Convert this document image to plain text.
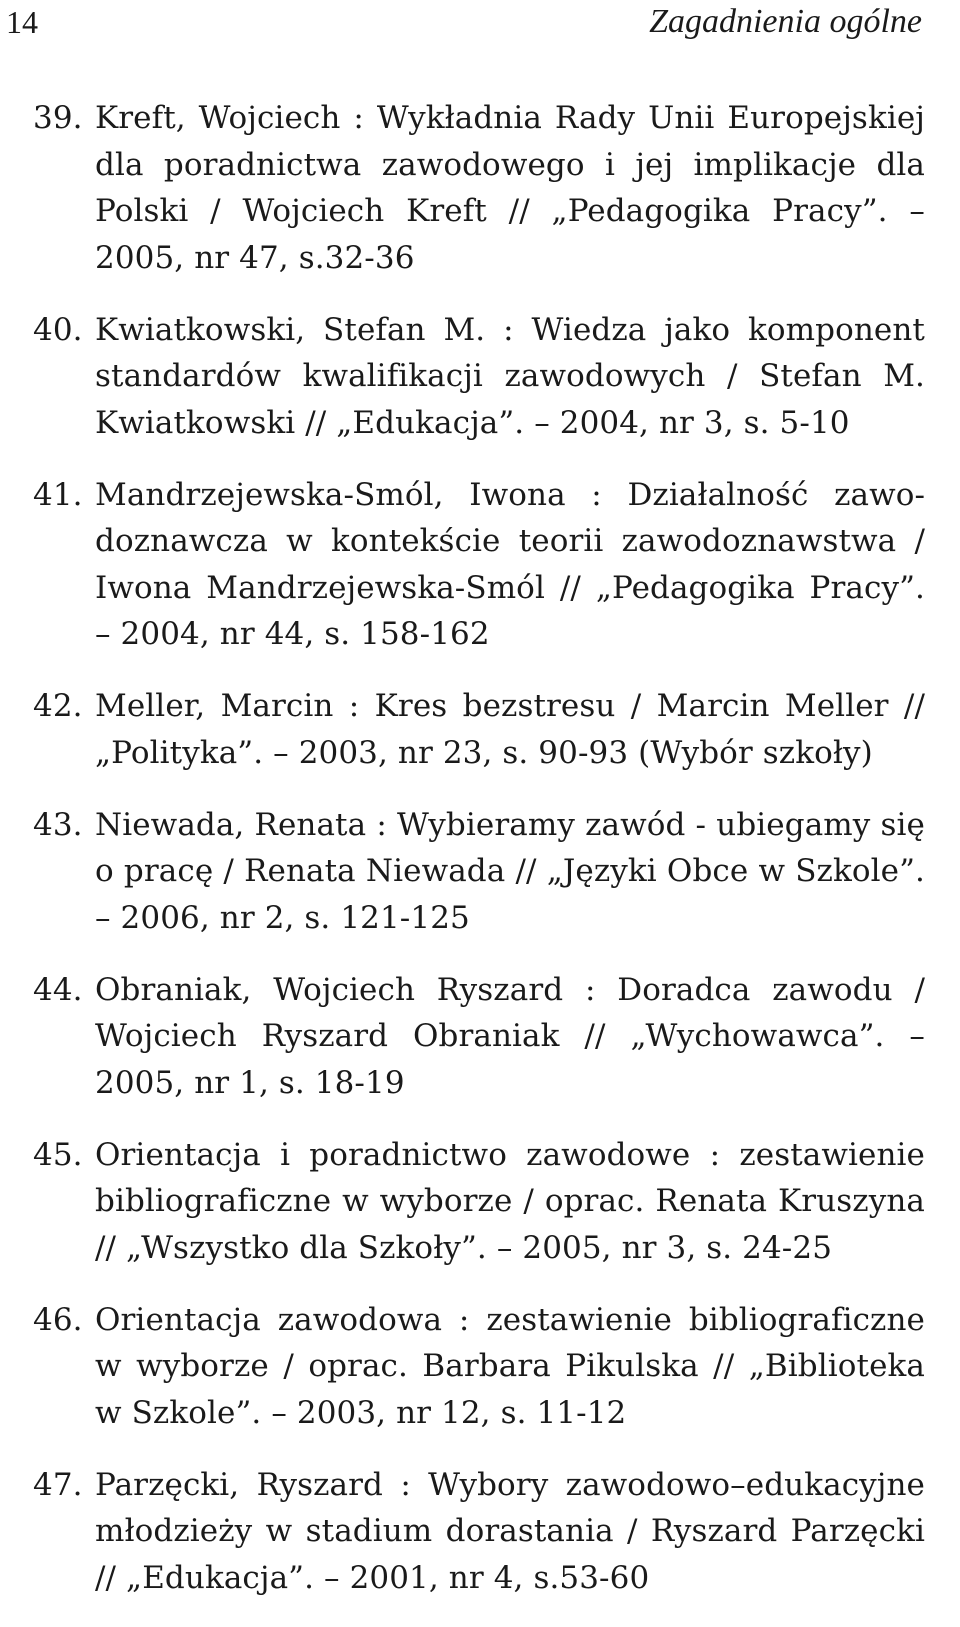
14	Zagadnienia ogólne
39. Kreft, Wojciech : Wykładnia Rady Unii Europejskiej dla poradnictwa zawodowego i jej implikacje dla Polski / Wojciech Kreft // „Pedagogika Pracy”. – 2005, nr 47, s.32-36
40. Kwiatkowski, Stefan M. : Wiedza jako komponent standardów kwalifikacji zawodowych / Stefan M. Kwiatkowski // „Edukacja”. – 2004, nr 3, s. 5-10
41. Mandrzejewska-Smól, Iwona : Działalność zawodoznawcza w kontekście teorii zawodoznawstwa / Iwona Mandrzejewska-Smól // „Pedagogika Pracy”. – 2004, nr 44, s. 158-162
42. Meller, Marcin : Kres bezstresu / Marcin Meller // „Polityka”. – 2003, nr 23, s. 90-93 (Wybór szkoły)
43. Niewada, Renata : Wybieramy zawód - ubiegamy się o pracę / Renata Niewada // „Języki Obce w Szkole”. – 2006, nr 2, s. 121-125
44. Obraniak, Wojciech Ryszard : Doradca zawodu / Wojciech Ryszard Obraniak // „Wychowawca”. – 2005, nr 1, s. 18-19
45. Orientacja i poradnictwo zawodowe : zestawienie bibliograficzne w wyborze / oprac. Renata Kruszyna // „Wszystko dla Szkoły”. – 2005, nr 3, s. 24-25
46. Orientacja zawodowa : zestawienie bibliograficzne w wyborze / oprac. Barbara Pikulska // „Biblioteka w Szkole”. – 2003, nr 12, s. 11-12
47. Parzęcki, Ryszard : Wybory zawodowo–edukacyjne młodzieży w stadium dorastania / Ryszard Parzęcki // „Edukacja”. – 2001, nr 4, s.53-60
